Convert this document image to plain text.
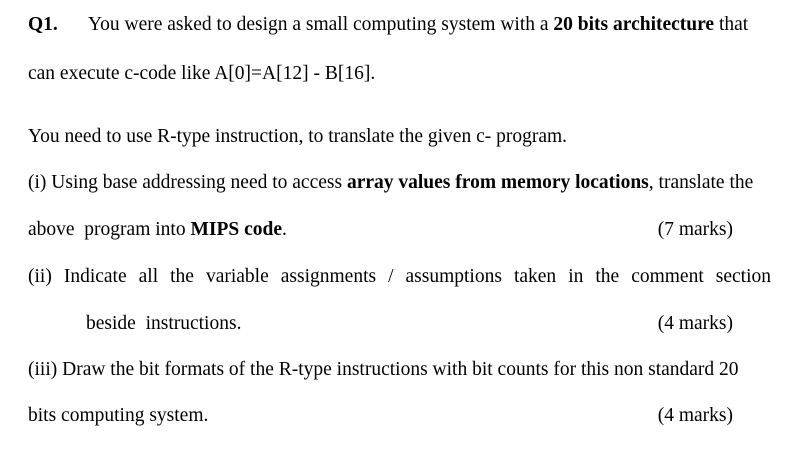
Q1. You were asked to design a small computing system with a 20 bits architecture that
can execute c-code like A[0]=A[12] - B[16].
You need to use R-type instruction, to translate the given c- program.
(i) Using base addressing need to access array values from memory locations, translate the
above  program into MIPS code.	(7 marks)
(ii) Indicate all the variable assignments / assumptions taken in the comment section
beside  instructions.	(4 marks)
(iii) Draw the bit formats of the R-type instructions with bit counts for this non standard 20
bits computing system.	(4 marks)
